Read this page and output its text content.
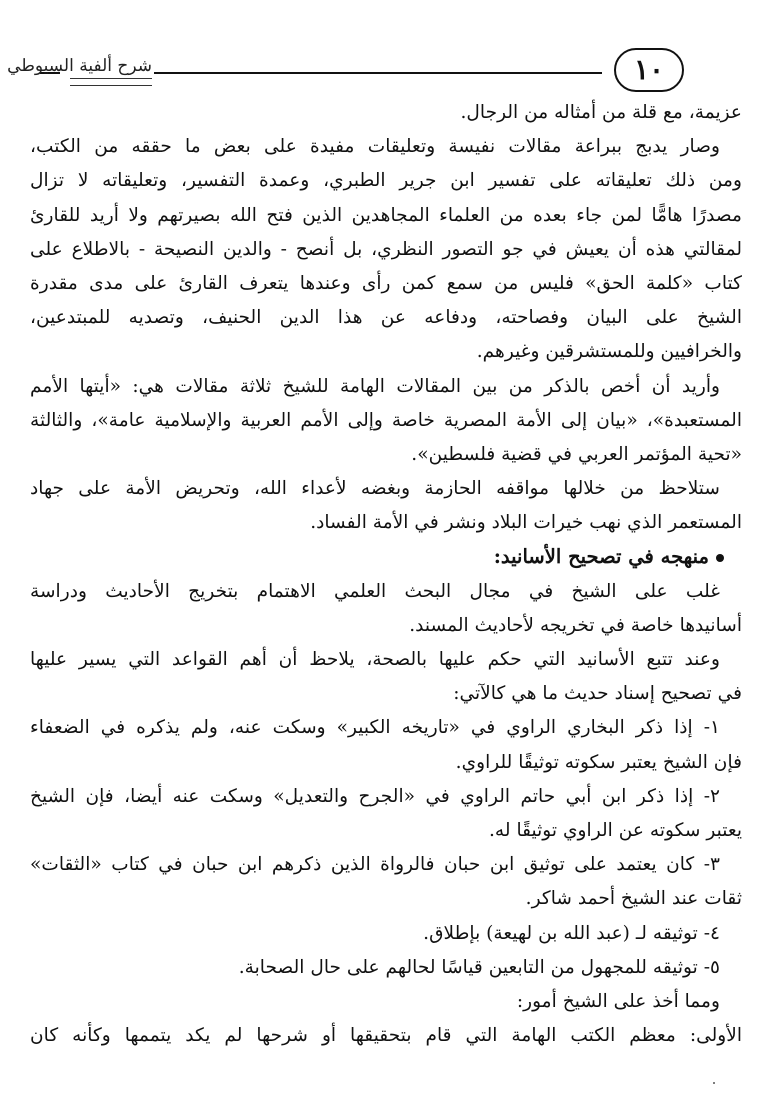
شرح ألفية السيوطي	١٠
عزيمة، مع قلة من أمثاله من الرجال.
وصار يدبج ببراعة مقالات نفيسة وتعليقات مفيدة على بعض ما حققه من الكتب،
ومن ذلك تعليقاته على تفسير ابن جرير الطبري، وعمدة التفسير، وتعليقاته لا تزال
مصدرًا هامًّا لمن جاء بعده من العلماء المجاهدين الذين فتح الله بصيرتهم ولا أريد للقارئ
لمقالتي هذه أن يعيش في جو التصور النظري، بل أنصح - والدين النصيحة - بالاطلاع على
كتاب «كلمة الحق» فليس من سمع كمن رأى وعندها يتعرف القارئ على مدى مقدرة
الشيخ على البيان وفصاحته، ودفاعه عن هذا الدين الحنيف، وتصديه للمبتدعين،
والخرافيين وللمستشرقين وغيرهم.
وأريد أن أخص بالذكر من بين المقالات الهامة للشيخ ثلاثة مقالات هي: «أيتها الأمم
المستعبدة»، «بيان إلى الأمة المصرية خاصة وإلى الأمم العربية والإسلامية عامة»، والثالثة
«تحية المؤتمر العربي في قضية فلسطين».
ستلاحظ من خلالها مواقفه الحازمة وبغضه لأعداء الله، وتحريض الأمة على جهاد
المستعمر الذي نهب خيرات البلاد ونشر في الأمة الفساد.
منهجه في تصحيح الأسانيد:
غلب على الشيخ في مجال البحث العلمي الاهتمام بتخريج الأحاديث ودراسة
أسانيدها خاصة في تخريجه لأحاديث المسند.
وعند تتبع الأسانيد التي حكم عليها بالصحة، يلاحظ أن أهم القواعد التي يسير عليها
في تصحيح إسناد حديث ما هي كالآتي:
١- إذا ذكر البخاري الراوي في «تاريخه الكبير» وسكت عنه، ولم يذكره في الضعفاء
فإن الشيخ يعتبر سكوته توثيقًا للراوي.
٢- إذا ذكر ابن أبي حاتم الراوي في «الجرح والتعديل» وسكت عنه أيضا، فإن الشيخ
يعتبر سكوته عن الراوي توثيقًا له.
٣- كان يعتمد على توثيق ابن حبان فالرواة الذين ذكرهم ابن حبان في كتاب «الثقات»
ثقات عند الشيخ أحمد شاكر.
٤- توثيقه لـ (عبد الله بن لهيعة) بإطلاق.
٥- توثيقه للمجهول من التابعين قياسًا لحالهم على حال الصحابة.
ومما أخذ على الشيخ أمور:
الأولى: معظم الكتب الهامة التي قام بتحقيقها أو شرحها لم يكد يتممها وكأنه كان
